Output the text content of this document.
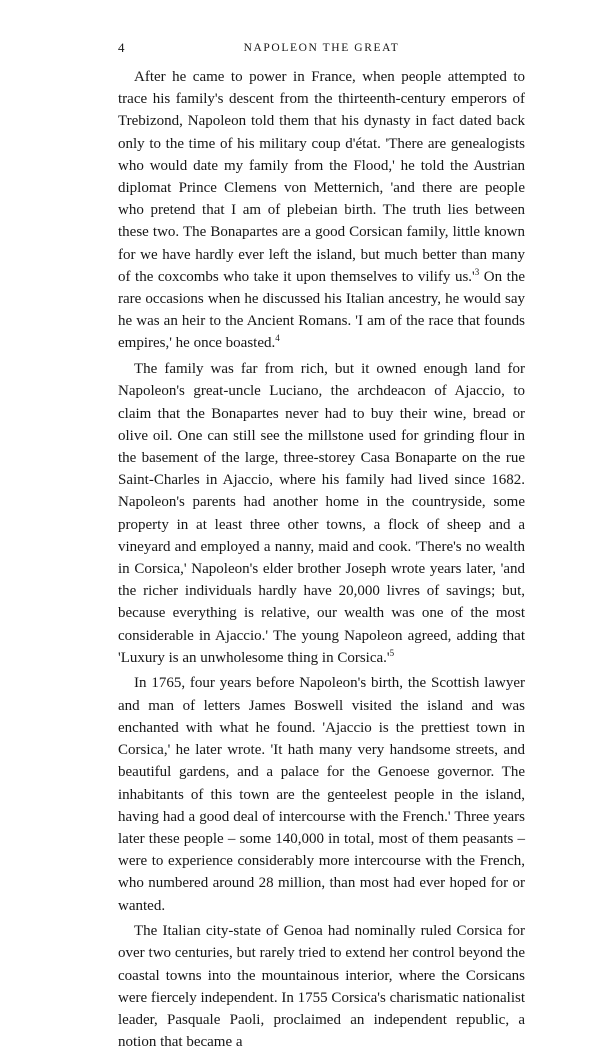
4	NAPOLEON THE GREAT

After he came to power in France, when people attempted to trace his family's descent from the thirteenth-century emperors of Trebizond, Napoleon told them that his dynasty in fact dated back only to the time of his military coup d'état. 'There are genealogists who would date my family from the Flood,' he told the Austrian diplomat Prince Clemens von Metternich, 'and there are people who pretend that I am of plebeian birth. The truth lies between these two. The Bonapartes are a good Corsican family, little known for we have hardly ever left the island, but much better than many of the coxcombs who take it upon themselves to vilify $us.'^3$ On the rare occasions when he discussed his Italian ancestry, he would say he was an heir to the Ancient Romans. 'I am of the race that founds empires,' he once boasted.$^4$

The family was far from rich, but it owned enough land for Napoleon's great-uncle Luciano, the archdeacon of Ajaccio, to claim that the Bonapartes never had to buy their wine, bread or olive oil. One can still see the millstone used for grinding flour in the basement of the large, three-storey Casa Bonaparte on the rue Saint-Charles in Ajaccio, where his family had lived since 1682. Napoleon's parents had another home in the countryside, some property in at least three other towns, a flock of sheep and a vineyard and employed a nanny, maid and cook. 'There's no wealth in Corsica,' Napoleon's elder brother Joseph wrote years later, 'and the richer individuals hardly have 20,000 livres of savings; but, because everything is relative, our wealth was one of the most considerable in Ajaccio.' The young Napoleon agreed, adding that 'Luxury is an unwholesome thing in $Corsica.'^5$

In 1765, four years before Napoleon's birth, the Scottish lawyer and man of letters James Boswell visited the island and was enchanted with what he found. 'Ajaccio is the prettiest town in Corsica,' he later wrote. 'It hath many very handsome streets, and beautiful gardens, and a palace for the Genoese governor. The inhabitants of this town are the genteelest people in the island, having had a good deal of intercourse with the French.' Three years later these people – some 140,000 in total, most of them peasants – were to experience considerably more intercourse with the French, who numbered around 28 million, than most had ever hoped for or wanted.

The Italian city-state of Genoa had nominally ruled Corsica for over two centuries, but rarely tried to extend her control beyond the coastal towns into the mountainous interior, where the Corsicans were fiercely independent. In 1755 Corsica's charismatic nationalist leader, Pasquale Paoli, proclaimed an independent republic, a notion that became a
